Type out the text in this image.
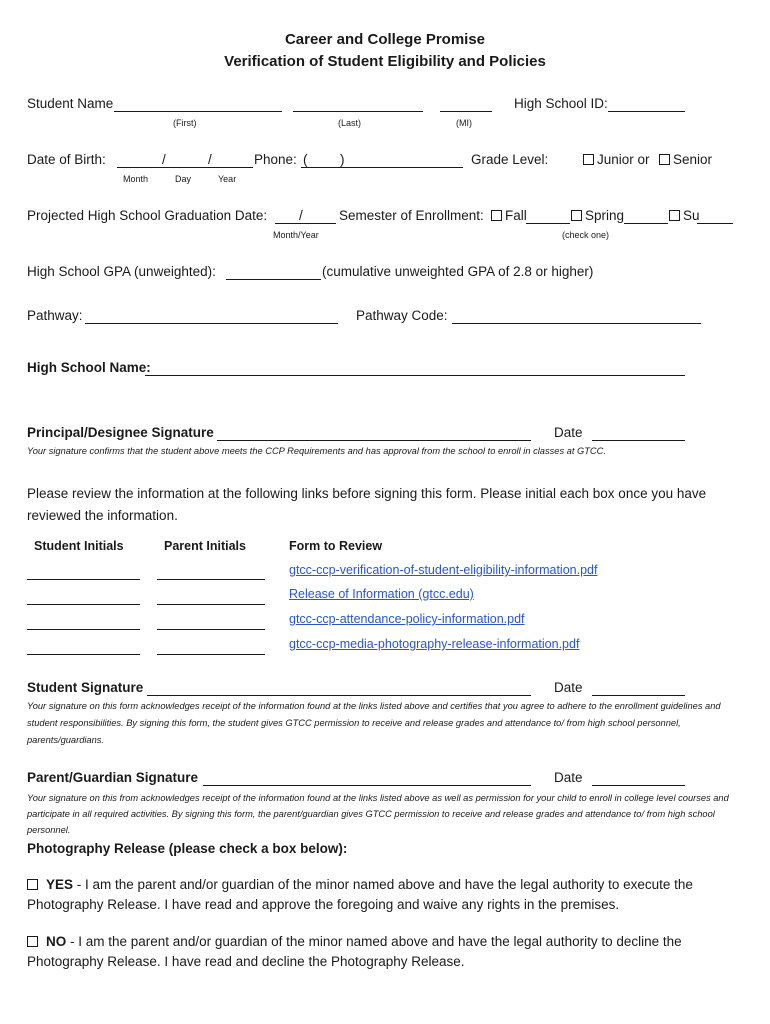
Career and College Promise
Verification of Student Eligibility and Policies
Student Name	High School ID:
(First)	(Last)	(MI)
Date of Birth:	/	/	Phone: ( )	Grade Level:	Junior or	Senior
Month	Day	Year
Projected High School Graduation Date: /	Semester of Enrollment:	Fall	Spring	Su
Month/Year	(check one)
High School GPA (unweighted):	(cumulative unweighted GPA of 2.8 or higher)
Pathway:	Pathway Code:
High School Name:
Principal/Designee Signature	Date
Your signature confirms that the student above meets the CCP Requirements and has approval from the school to enroll in classes at GTCC.
Please review the information at the following links before signing this form. Please initial each box once you have reviewed the information.
Student Initials	Parent Initials	Form to Review
gtcc-ccp-verification-of-student-eligibility-information.pdf
Release of Information (gtcc.edu)
gtcc-ccp-attendance-policy-information.pdf
gtcc-ccp-media-photography-release-information.pdf
Student Signature	Date
Your signature on this form acknowledges receipt of the information found at the links listed above and certifies that you agree to adhere to the enrollment guidelines and student responsibilities. By signing this form, the student gives GTCC permission to receive and release grades and attendance to/ from high school personnel, parents/guardians.
Parent/Guardian Signature	Date
Your signature on this from acknowledges receipt of the information found at the links listed above as well as permission for your child to enroll in college level courses and participate in all required activities. By signing this form, the parent/guardian gives GTCC permission to receive and release grades and attendance to/ from high school personnel.
Photography Release (please check a box below):
YES - I am the parent and/or guardian of the minor named above and have the legal authority to execute the Photography Release. I have read and approve the foregoing and waive any rights in the premises.
NO - I am the parent and/or guardian of the minor named above and have the legal authority to decline the Photography Release. I have read and decline the Photography Release.
